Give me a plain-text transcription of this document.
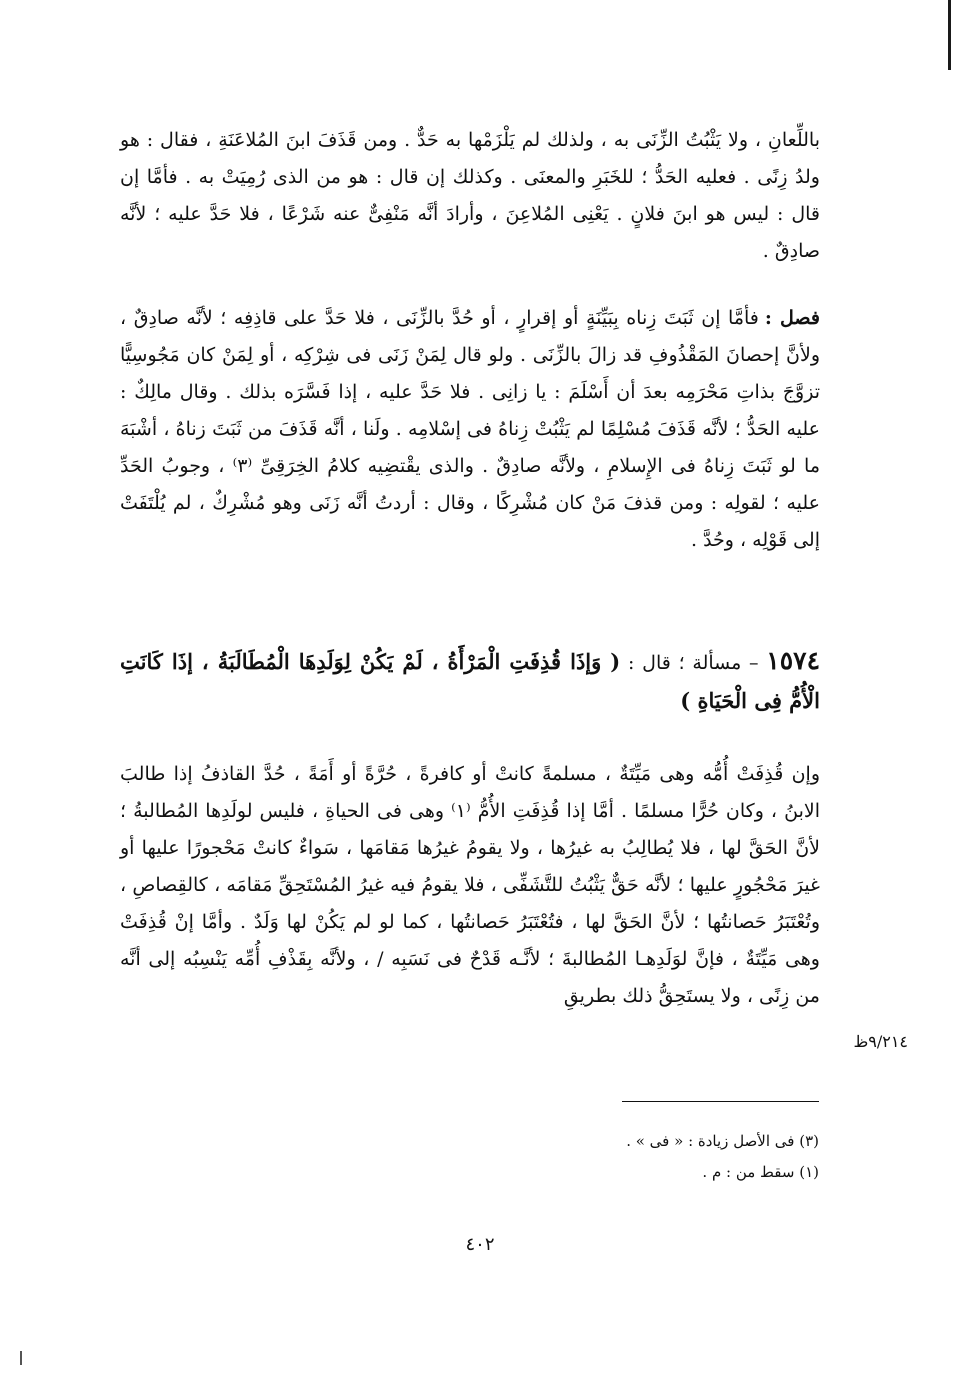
باللِّعانِ ، ولا يَثْبُتُ الزِّنَى به ، ولذلك لم يَلْزَمْها به حَدٌّ . ومن قَذَفَ ابنَ المُلاعَنَةِ ، فقال : هو ولدُ زِنًى . فعليه الحَدُّ ؛ للخَبَرِ والمعنَى . وكذلك إن قال : هو من الذى رُمِيَتْ به . فأمَّا إن قال : ليس هو ابنَ فلانٍ . يَعْنِى المُلاعِنَ ، وأرادَ أنَّه مَنْفِىٌّ عنه شَرْعًا ، فلا حَدَّ عليه ؛ لأنَّه صادِقٌ .

فصل :فأمَّا إن ثَبَتَ زِناه بِبَيِّنَةٍ أو إقرارٍ ، أو حُدَّ بالزِّنَى ، فلا حَدَّ على قاذِفِه ؛ لأنَّه صادِقٌ ، ولأنَّ إحصانَ المَقْذُوفِ قد زالَ بالزِّنَى . ولو قال لِمَنْ زَنَى فى شِرْكِه ، أو لِمَنْ كان مَجُوسِيًّا تزوَّجَ بذاتِ مَحْرَمِه بعدَ أن أَسْلَمَ : يا زانِى . فلا حَدَّ عليه ، إذا فَسَّرَه بذلك . وقال مالِكٌ : عليه الحَدُّ ؛ لأنَّه قَذَفَ مُسْلِمًا لم يَثْبُتْ زِناهُ فى إسْلامِه . ولَنا ، أنَّه قَذَفَ من ثَبَتَ زناهُ ، أشْبَهَ ما لو ثَبَتَ زِناهُ فى الإِسلامِ ، ولأنَّه صادِقٌ . والذى يقْتضِيه كلامُ الخِرَقِىِّ ⁽٣⁾ ، وجوبُ الحَدِّ عليه ؛ لقولِه : ومن قذفَ مَنْ كان مُشْرِكًا ، وقال : أردتُ أنَّه زَنَى وهو مُشْرِكٌ ، لم يُلْتَفَتْ إلى قَوْلِه ، وحُدَّ .

١٥٧٤ – مسألة ؛ قال : ( وَإذَا قُذِفَتِ الْمَرْأَةُ ، لَمْ يَكُنْ لِوَلَدِهَا الْمُطَالَبَةُ ، إذَا كَانَتِ الْأُمُّ فِى الْحَيَاةِ )

وإن قُذِفَتْ أُمُّه وهى مَيِّتَةٌ ، مسلمةً كانتْ أو كافرةً ، حُرَّةً أو أَمَةً ، حُدَّ القاذفُ إذا طالبَ الابنُ ، وكان حُرًّا مسلمًا . أمَّا إذا قُذِفَتِ الأُمُّ ⁽١⁾ وهى فى الحياةِ ، فليس لولَدِها المُطالبةُ ؛ لأنَّ الحَقَّ لها ، فلا يُطالِبُ به غيرُها ، ولا يقومُ غيرُها مَقامَها ، سَواءٌ كانتْ مَحْجورًا عليها أو غيرَ مَحْجُورٍ عليها ؛ لأنَّه حَقٌّ يَثْبُتُ للتَّشَفِّى ، فلا يقومُ فيه غيرُ المُسْتَحِقِّ مَقامَه ، كالقِصاصِ ، وتُعْتَبَرُ حَصانتُها ؛ لأنَّ الحَقَّ لها ، فتُعْتَبَرُ حَصانتُها ، كما لو لم يَكُنْ لها وَلَدٌ . وأمَّا إنْ قُذِفَتْ وهى مَيِّتَةٌ ، فإنَّ لوَلَدِهـا المُطالبةَ ؛ لأنَّـه قَدْحٌ فى نَسَبِه / ، ولأنَّه بِقَذْفِ أُمِّه يَنْسِبُه إلى أنَّه من زِنًى ، ولا يستَحِقُّ ذلك بطريقِ

٩/٢١٤ظ

(٣) فى الأصل زيادة : « فى » .

(١) سقط من : م .

٤٠٢
